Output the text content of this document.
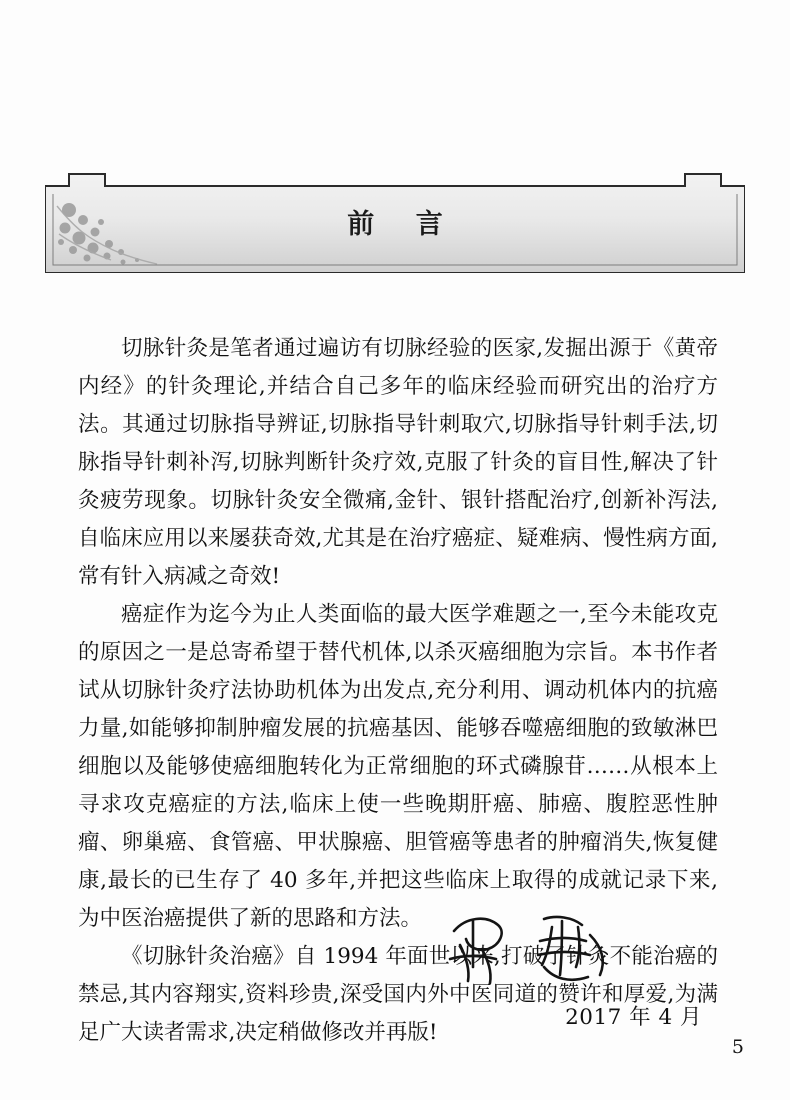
前 言

切脉针灸是笔者通过遍访有切脉经验的医家,发掘出源于《黄帝内经》的针灸理论,并结合自己多年的临床经验而研究出的治疗方法。其通过切脉指导辨证,切脉指导针刺取穴,切脉指导针刺手法,切脉指导针刺补泻,切脉判断针灸疗效,克服了针灸的盲目性,解决了针灸疲劳现象。切脉针灸安全微痛,金针、银针搭配治疗,创新补泻法,自临床应用以来屡获奇效,尤其是在治疗癌症、疑难病、慢性病方面,常有针入病减之奇效!

癌症作为迄今为止人类面临的最大医学难题之一,至今未能攻克的原因之一是总寄希望于替代机体,以杀灭癌细胞为宗旨。本书作者试从切脉针灸疗法协助机体为出发点,充分利用、调动机体内的抗癌力量,如能够抑制肿瘤发展的抗癌基因、能够吞噬癌细胞的致敏淋巴细胞以及能够使癌细胞转化为正常细胞的环式磷腺苷……从根本上寻求攻克癌症的方法,临床上使一些晚期肝癌、肺癌、腹腔恶性肿瘤、卵巢癌、食管癌、甲状腺癌、胆管癌等患者的肿瘤消失,恢复健康,最长的已生存了 40 多年,并把这些临床上取得的成就记录下来,为中医治癌提供了新的思路和方法。

《切脉针灸治癌》自 1994 年面世以来,打破了针灸不能治癌的禁忌,其内容翔实,资料珍贵,深受国内外中医同道的赞许和厚爱,为满足广大读者需求,决定稍做修改并再版!

2017 年 4 月
5
